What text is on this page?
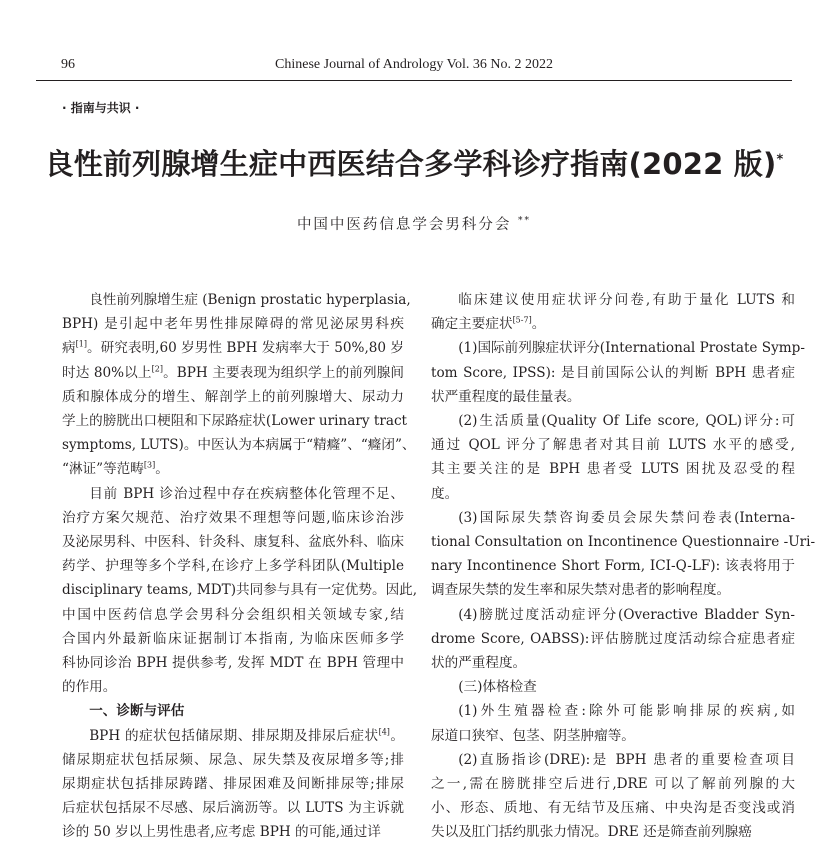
96	Chinese Journal of Andrology Vol. 36 No. 2 2022
· 指南与共识 ·
良性前列腺增生症中西医结合多学科诊疗指南(2022 版)*
中国中医药信息学会男科分会 **
良性前列腺增生症 (Benign prostatic hyperplasia,
BPH) 是引起中老年男性排尿障碍的常见泌尿男科疾
病[1]。研究表明,60 岁男性 BPH 发病率大于 50%,80 岁
时达 80%以上[2]。BPH 主要表现为组织学上的前列腺间
质和腺体成分的增生、解剖学上的前列腺增大、尿动力
学上的膀胱出口梗阻和下尿路症状(Lower urinary tract
symptoms, LUTS)。中医认为本病属于“精癃”、“癃闭”、
“淋证”等范畴[3]。
目前 BPH 诊治过程中存在疾病整体化管理不足、
治疗方案欠规范、治疗效果不理想等问题,临床诊治涉
及泌尿男科、中医科、针灸科、康复科、盆底外科、临床
药学、护理等多个学科,在诊疗上多学科团队(Multiple
disciplinary teams, MDT)共同参与具有一定优势。因此,
中国中医药信息学会男科分会组织相关领域专家,结
合国内外最新临床证据制订本指南, 为临床医师多学
科协同诊治 BPH 提供参考, 发挥 MDT 在 BPH 管理中
的作用。
一、诊断与评估
BPH 的症状包括储尿期、排尿期及排尿后症状[4]。
储尿期症状包括尿频、尿急、尿失禁及夜尿增多等;排
尿期症状包括排尿踌躇、排尿困难及间断排尿等;排尿
后症状包括尿不尽感、尿后滴沥等。以 LUTS 为主诉就
诊的 50 岁以上男性患者,应考虑 BPH 的可能,通过详
临床建议使用症状评分问卷,有助于量化 LUTS 和
确定主要症状[5-7]。
(1)国际前列腺症状评分(International Prostate Symp-
tom Score, IPSS): 是目前国际公认的判断 BPH 患者症
状严重程度的最佳量表。
(2)生活质量(Quality Of Life score, QOL)评分:可
通过 QOL 评分了解患者对其目前 LUTS 水平的感受,
其主要关注的是 BPH 患者受 LUTS 困扰及忍受的程
度。
(3)国际尿失禁咨询委员会尿失禁问卷表(Interna-
tional Consultation on Incontinence Questionnaire -Uri-
nary Incontinence Short Form, ICI-Q-LF): 该表将用于
调查尿失禁的发生率和尿失禁对患者的影响程度。
(4)膀胱过度活动症评分(Overactive Bladder Syn-
drome Score, OABSS):评估膀胱过度活动综合症患者症
状的严重程度。
(三)体格检查
(1)外生殖器检查:除外可能影响排尿的疾病,如
尿道口狭窄、包茎、阴茎肿瘤等。
(2)直肠指诊(DRE):是 BPH 患者的重要检查项目
之一,需在膀胱排空后进行,DRE 可以了解前列腺的大
小、形态、质地、有无结节及压痛、中央沟是否变浅或消
失以及肛门括约肌张力情况。DRE 还是筛查前列腺癌
